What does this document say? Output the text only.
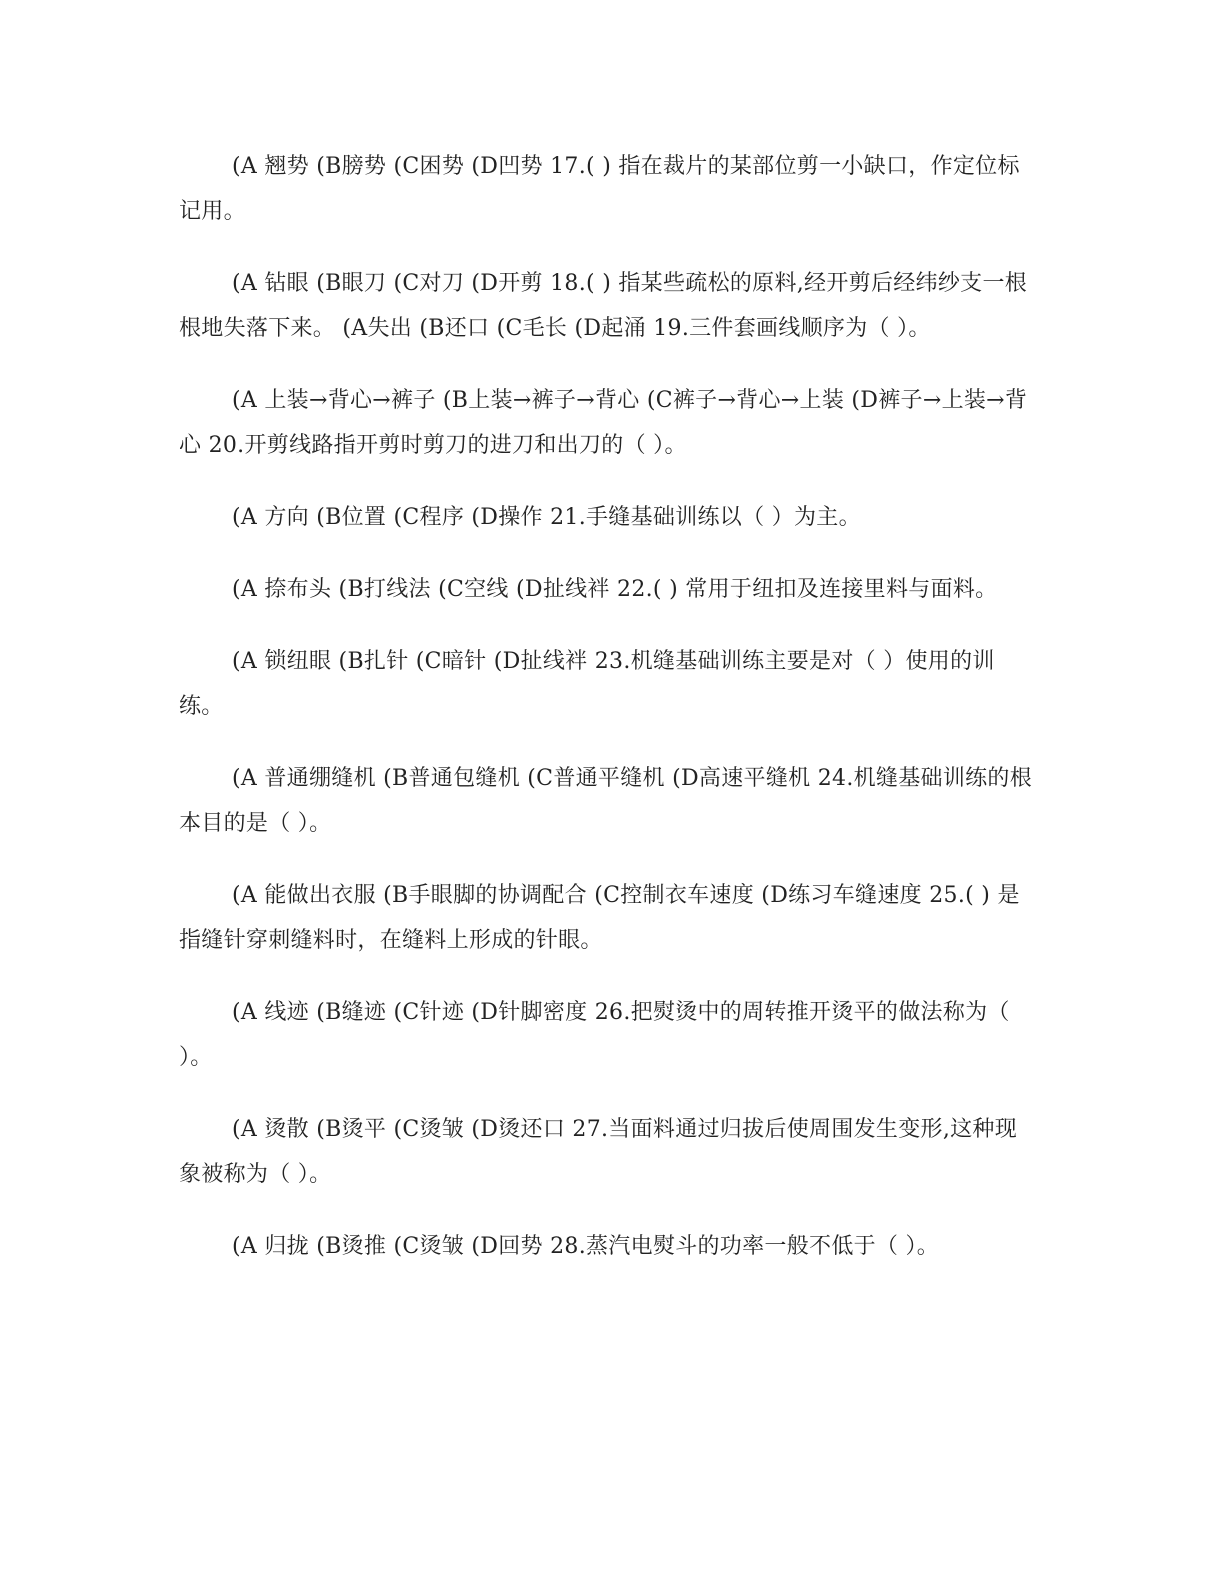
(A 翘势 (B膀势 (C困势 (D凹势 17.( ) 指在裁片的某部位剪一小缺口，作定位标记用。

(A 钻眼 (B眼刀 (C对刀 (D开剪 18.( ) 指某些疏松的原料,经开剪后经纬纱支一根根地失落下来。 (A失出 (B还口 (C毛长 (D起涌 19.三件套画线顺序为（ ）。

(A 上装→背心→裤子 (B上装→裤子→背心 (C裤子→背心→上装 (D裤子→上装→背心 20.开剪线路指开剪时剪刀的进刀和出刀的（ ）。

(A 方向 (B位置 (C程序 (D操作 21.手缝基础训练以（ ）为主。

(A 捺布头 (B打线法 (C空线 (D扯线袢 22.( ) 常用于纽扣及连接里料与面料。

(A 锁纽眼 (B扎针 (C暗针 (D扯线袢 23.机缝基础训练主要是对（ ）使用的训练。

(A 普通绷缝机 (B普通包缝机 (C普通平缝机 (D高速平缝机 24.机缝基础训练的根本目的是（ ）。

(A 能做出衣服 (B手眼脚的协调配合 (C控制衣车速度 (D练习车缝速度 25.( ) 是指缝针穿刺缝料时，在缝料上形成的针眼。

(A 线迹 (B缝迹 (C针迹 (D针脚密度 26.把熨烫中的周转推开烫平的做法称为（ ）。

(A 烫散 (B烫平 (C烫皱 (D烫还口 27.当面料通过归拔后使周围发生变形,这种现象被称为（ ）。

(A 归拢 (B烫推 (C烫皱 (D回势 28.蒸汽电熨斗的功率一般不低于（ ）。
